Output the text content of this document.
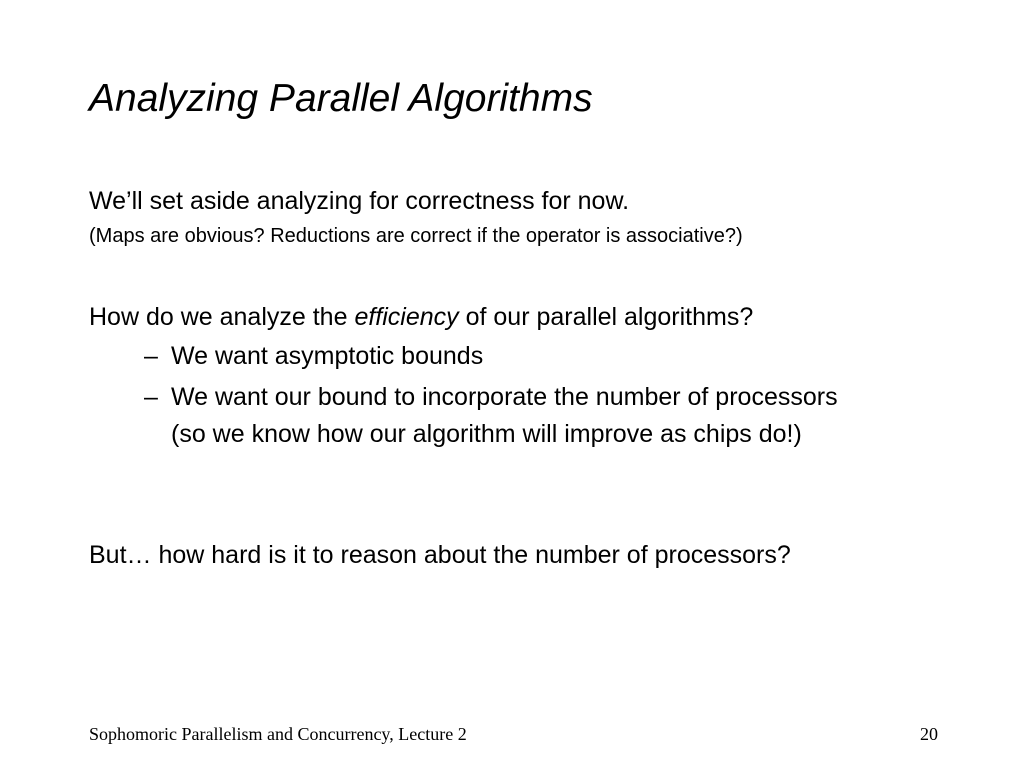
Analyzing Parallel Algorithms
We’ll set aside analyzing for correctness for now.
(Maps are obvious? Reductions are correct if the operator is associative?)
How do we analyze the efficiency of our parallel algorithms?
– We want asymptotic bounds
– We want our bound to incorporate the number of processors
(so we know how our algorithm will improve as chips do!)
But… how hard is it to reason about the number of processors?
Sophomoric Parallelism and Concurrency, Lecture 2	20
